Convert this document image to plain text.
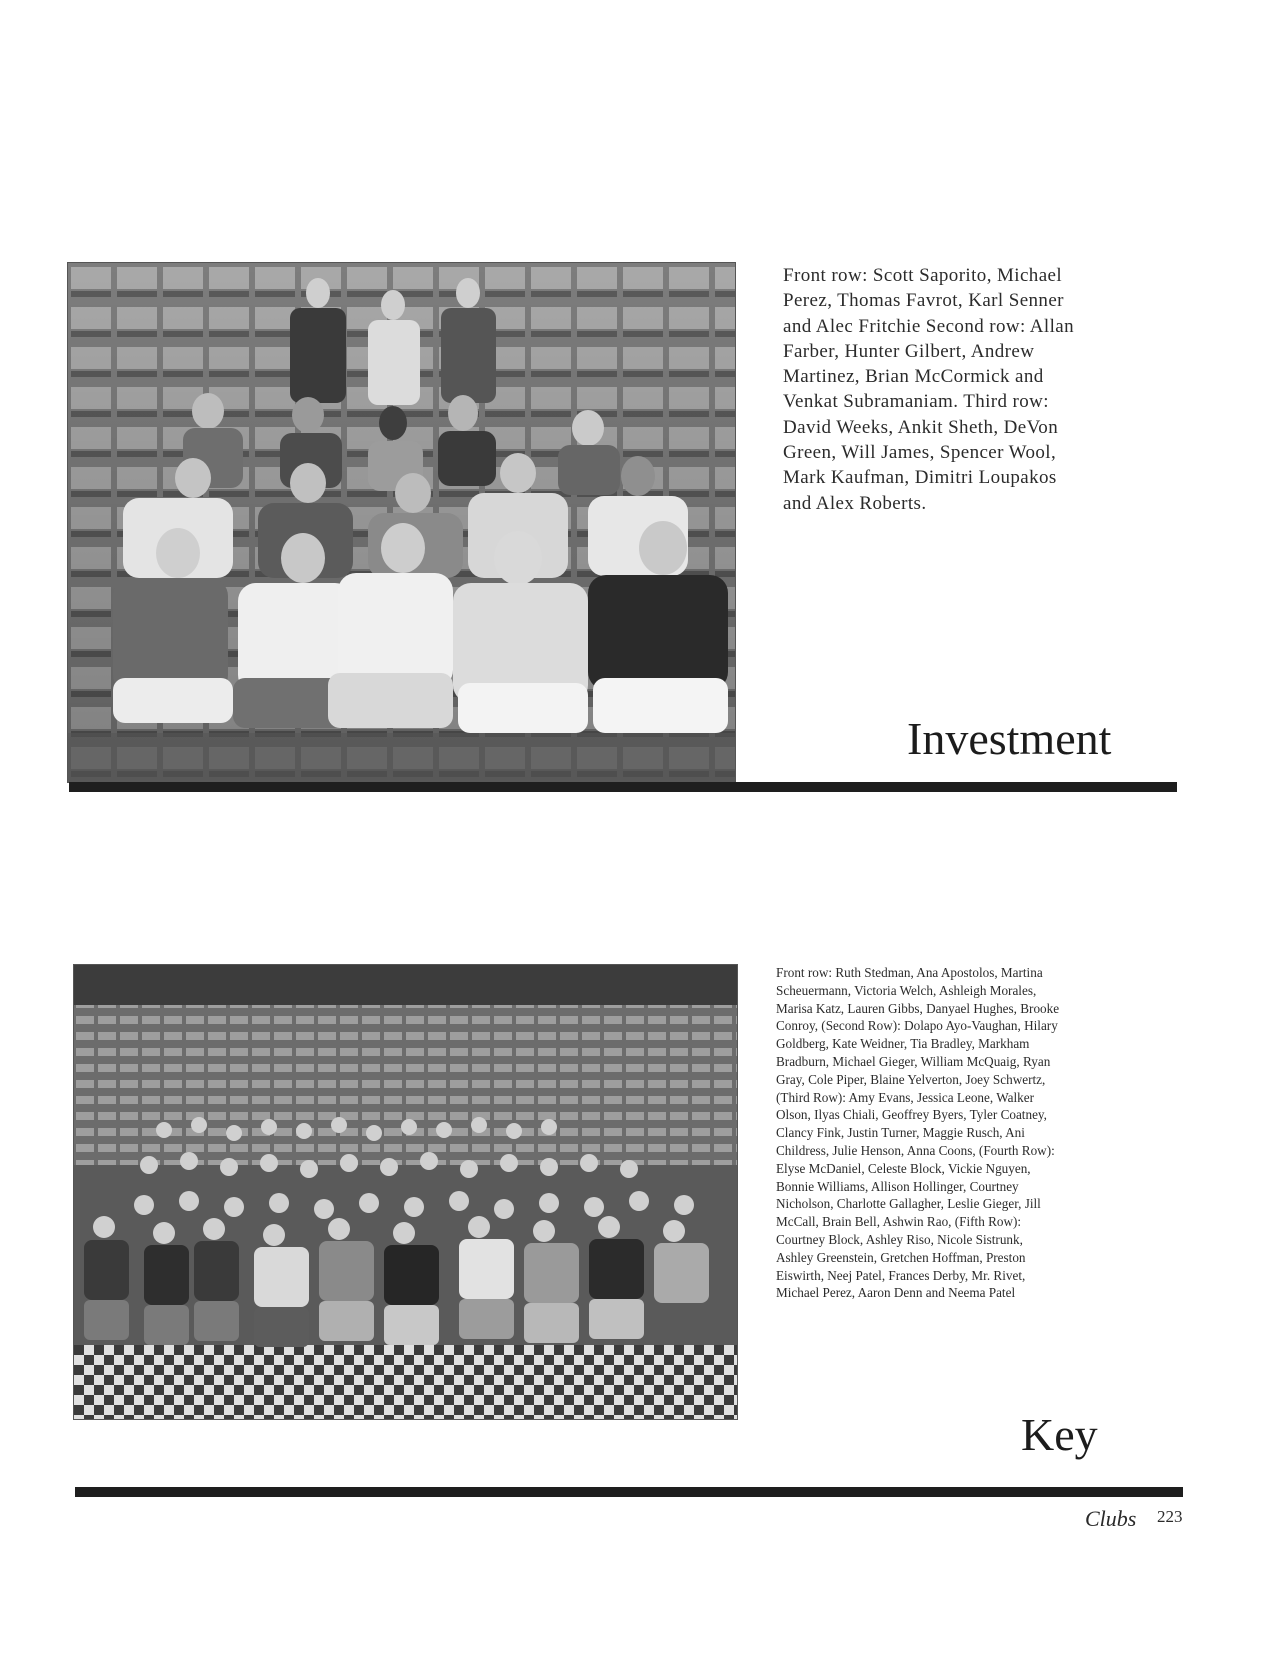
Front row: Scott Saporito, Michael Perez, Thomas Favrot, Karl Senner and Alec Fritchie Second row: Allan Farber, Hunter Gilbert, Andrew Martinez, Brian McCormick and Venkat Subramaniam. Third row: David Weeks, Ankit Sheth, DeVon Green, Will James, Spencer Wool, Mark Kaufman, Dimitri Loupakos and Alex Roberts.

Investment

Front row: Ruth Stedman, Ana Apostolos, Martina Scheuermann, Victoria Welch, Ashleigh Morales, Marisa Katz, Lauren Gibbs, Danyael Hughes, Brooke Conroy, (Second Row): Dolapo Ayo-Vaughan, Hilary Goldberg, Kate Weidner, Tia Bradley, Markham Bradburn, Michael Gieger, William McQuaig, Ryan Gray, Cole Piper, Blaine Yelverton, Joey Schwertz, (Third Row): Amy Evans, Jessica Leone, Walker Olson, Ilyas Chiali, Geoffrey Byers, Tyler Coatney, Clancy Fink, Justin Turner, Maggie Rusch, Ani Childress, Julie Henson, Anna Coons, (Fourth Row): Elyse McDaniel, Celeste Block, Vickie Nguyen, Bonnie Williams, Allison Hollinger, Courtney Nicholson, Charlotte Gallagher, Leslie Gieger, Jill McCall, Brain Bell, Ashwin Rao, (Fifth Row): Courtney Block, Ashley Riso, Nicole Sistrunk, Ashley Greenstein, Gretchen Hoffman, Preston Eiswirth, Neej Patel, Frances Derby, Mr. Rivet, Michael Perez, Aaron Denn and Neema Patel

Key
Clubs 223
